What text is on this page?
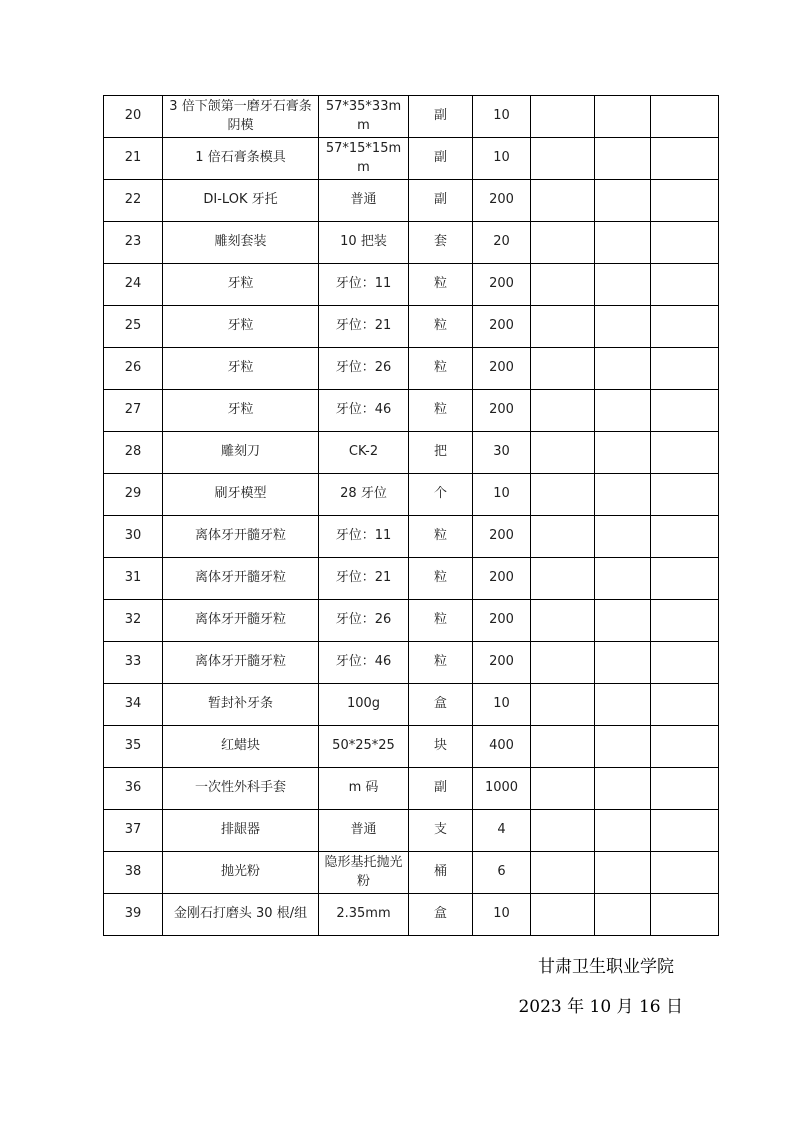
20	3 倍下颌第一磨牙石膏条阴模	57*35*33mm	副	10			
21	1 倍石膏条模具	57*15*15mm	副	10			
22	DI-LOK 牙托	普通	副	200			
23	雕刻套装	10 把装	套	20			
24	牙粒	牙位：11	粒	200			
25	牙粒	牙位：21	粒	200			
26	牙粒	牙位：26	粒	200			
27	牙粒	牙位：46	粒	200			
28	雕刻刀	CK-2	把	30			
29	刷牙模型	28 牙位	个	10			
30	离体牙开髓牙粒	牙位：11	粒	200			
31	离体牙开髓牙粒	牙位：21	粒	200			
32	离体牙开髓牙粒	牙位：26	粒	200			
33	离体牙开髓牙粒	牙位：46	粒	200			
34	暂封补牙条	100g	盒	10			
35	红蜡块	50*25*25	块	400			
36	一次性外科手套	m 码	副	1000			
37	排龈器	普通	支	4			
38	抛光粉	隐形基托抛光粉	桶	6			
39	金刚石打磨头 30 根/组	2.35mm	盒	10			
甘肃卫生职业学院
2023 年 10 月 16 日
